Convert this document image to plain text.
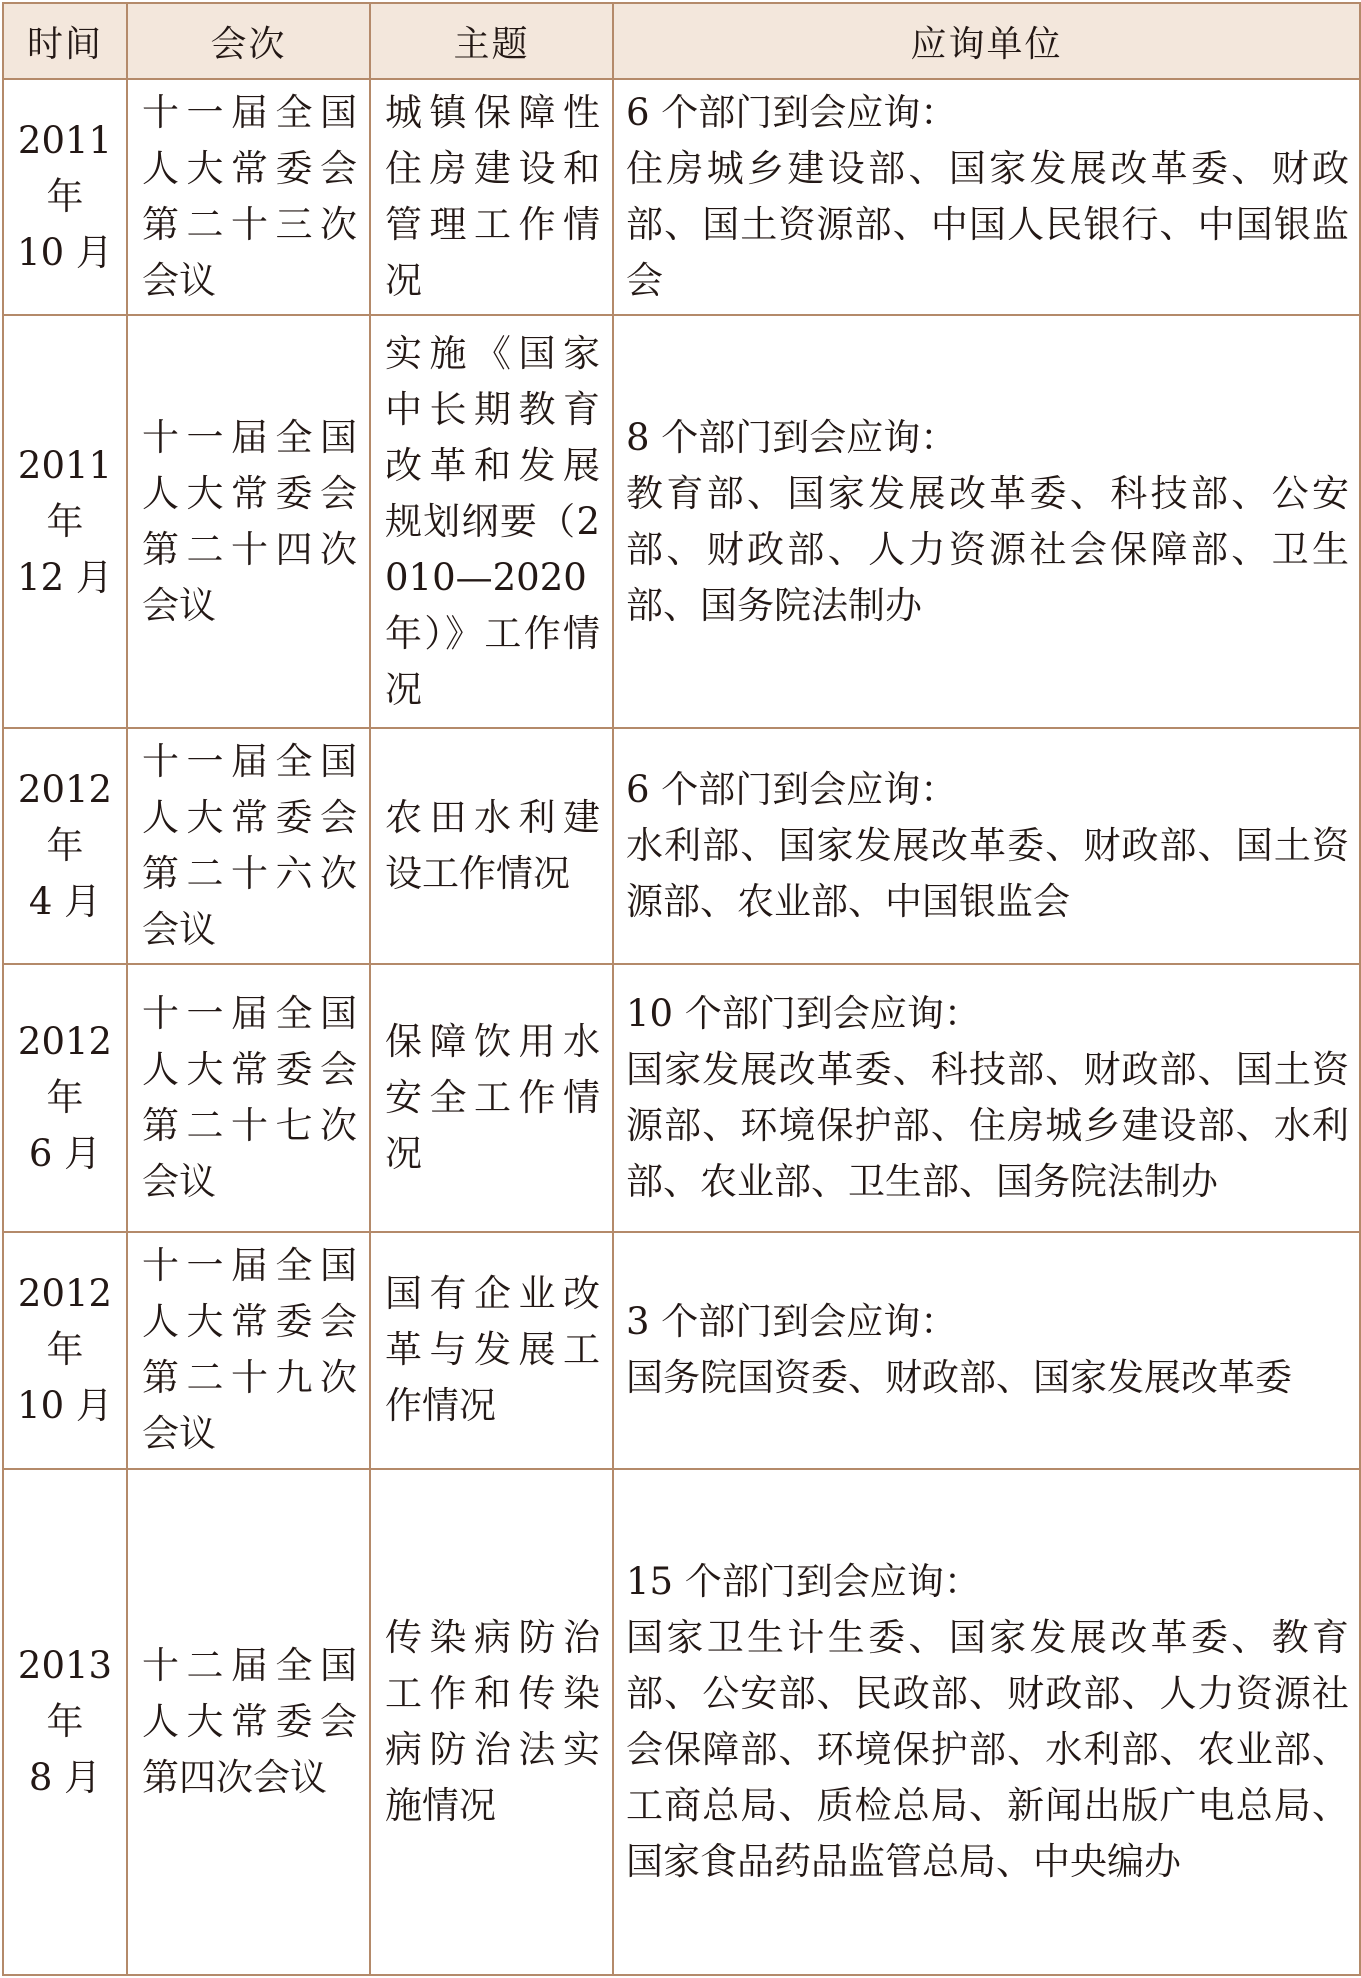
时间	会次	主题	应询单位

2011 年
10 月	十一届全国人大常委会第二十三次会议	城镇保障性住房建设和管理工作情况	6 个部门到会应询：
住房城乡建设部、国家发展改革委、财政部、国土资源部、中国人民银行、中国银监会

2011 年
12 月	十一届全国人大常委会第二十四次会议	实施《国家中长期教育改革和发展规划纲要（2010—2020年）》工作情况	8 个部门到会应询：
教育部、国家发展改革委、科技部、公安部、财政部、人力资源社会保障部、卫生部、国务院法制办

2012 年
4 月	十一届全国人大常委会第二十六次会议	农田水利建设工作情况	6 个部门到会应询：
水利部、国家发展改革委、财政部、国土资源部、农业部、中国银监会

2012 年
6 月	十一届全国人大常委会第二十七次会议	保障饮用水安全工作情况	10 个部门到会应询：
国家发展改革委、科技部、财政部、国土资源部、环境保护部、住房城乡建设部、水利部、农业部、卫生部、国务院法制办

2012 年
10 月	十一届全国人大常委会第二十九次会议	国有企业改革与发展工作情况	3 个部门到会应询：
国务院国资委、财政部、国家发展改革委

2013 年
8 月	十二届全国人大常委会第四次会议	传染病防治工作和传染病防治法实施情况	15 个部门到会应询：
国家卫生计生委、国家发展改革委、教育部、公安部、民政部、财政部、人力资源社会保障部、环境保护部、水利部、农业部、工商总局、质检总局、新闻出版广电总局、国家食品药品监管总局、中央编办
